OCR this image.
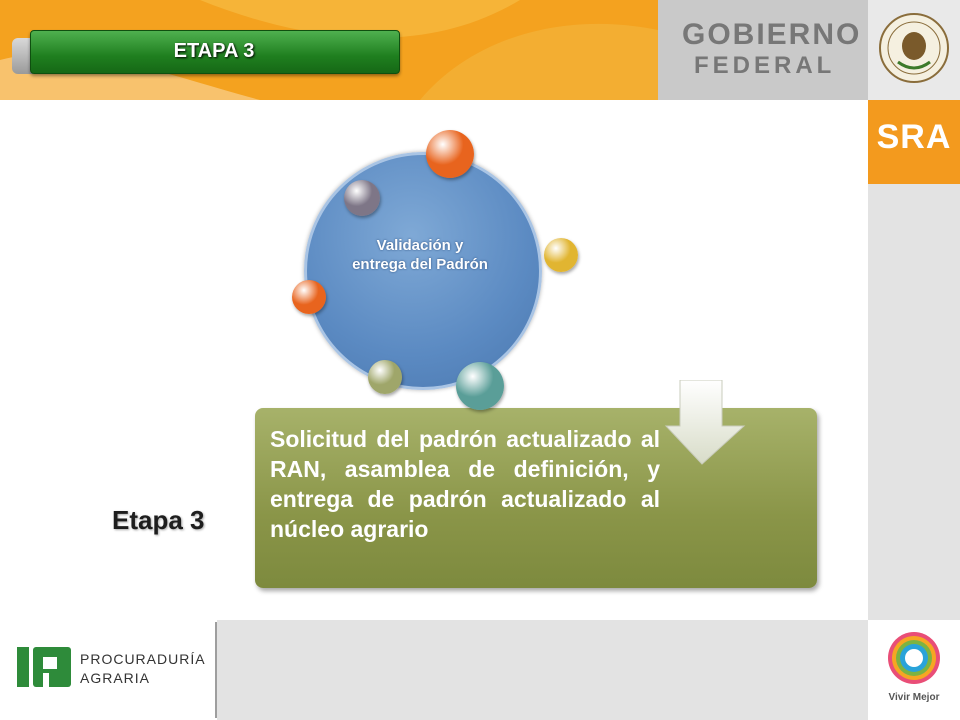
GOBIERNO
FEDERAL
SRA
ETAPA 3
Solicitud del padrón actualizado al RAN, asamblea de definición, y entrega de padrón actualizado al núcleo agrario
Validación y entrega del Padrón
Etapa 3
Vivir Mejor
PROCURADURÍA
AGRARIA
